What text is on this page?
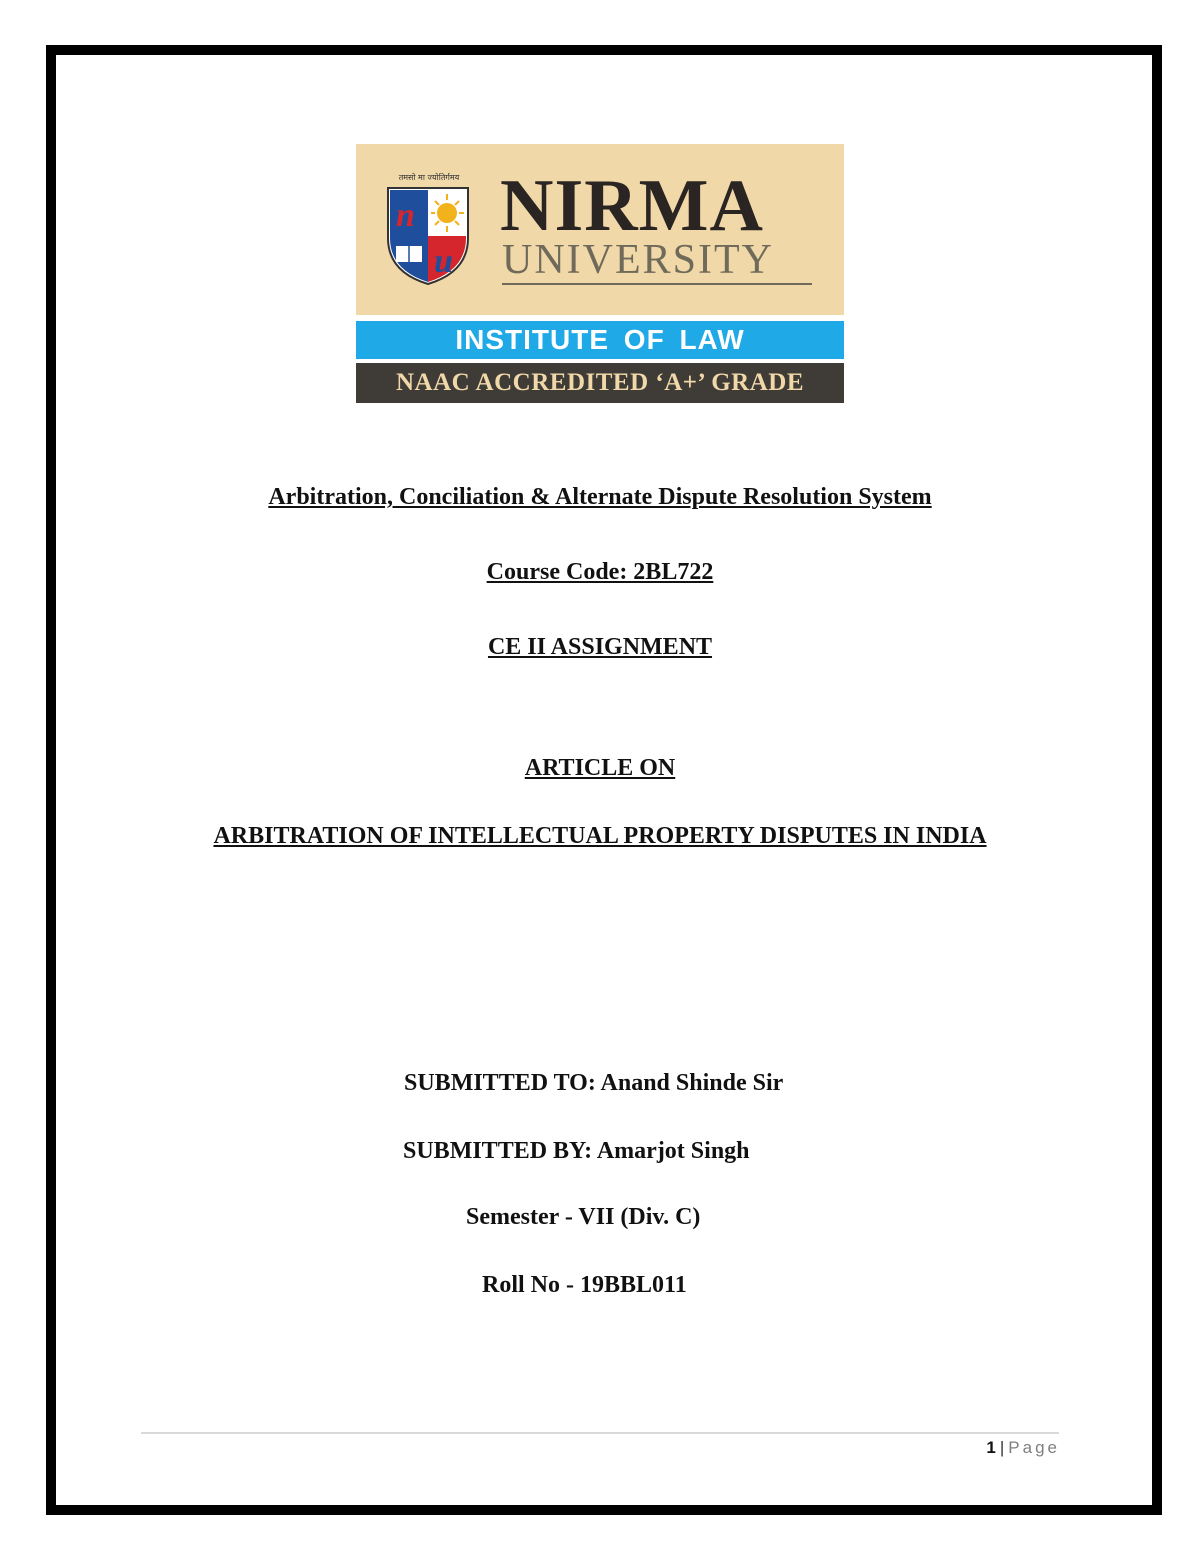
तमसो मा ज्योतिर्गमय
n
u
NIRMA
UNIVERSITY
INSTITUTE OF LAW
NAAC ACCREDITED ‘A+’ GRADE
Arbitration, Conciliation & Alternate Dispute Resolution System
Course Code: 2BL722
CE II ASSIGNMENT
ARTICLE ON
ARBITRATION OF INTELLECTUAL PROPERTY DISPUTES IN INDIA
SUBMITTED TO: Anand Shinde Sir
SUBMITTED BY: Amarjot Singh
Semester - VII (Div. C)
Roll No - 19BBL011
1 | Page
